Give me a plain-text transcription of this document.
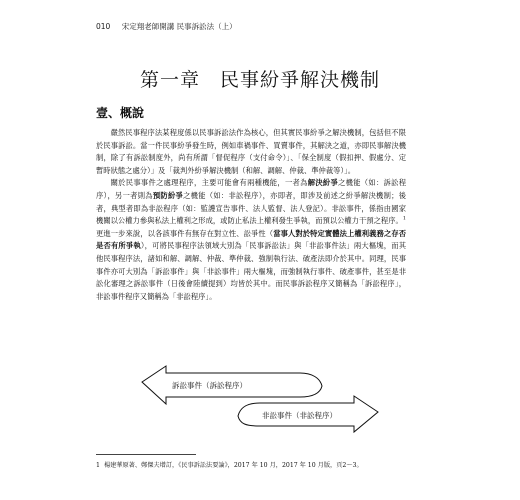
010 宋定翔老師開講 民事訴訟法（上）
第一章　民事紛爭解決機制
壹、概說

嚴然民事程序法某程度係以民事訴訟法作為核心，但其實民事紛爭之解決機制，包括但不限於民事訴訟。當一件民事紛爭發生時，例如車禍事件、買賣事件，其解決之道，亦即民事解決機制，除了有訴訟制度外，尚有所謂「督促程序（支付命令）」、「保全制度（假扣押、假處分、定暫時狀態之處分）」及「裁判外紛爭解決機制（和解、調解、仲裁、準仲裁等）」。

關於民事事件之處理程序，主要可能會有兩種機能，一者為解決紛爭之機能（如：訴訟程序），另一者則為預防紛爭之機能（如：非訟程序），亦即者，即涉及前述之紛爭解決機制；後者，典型者即為非訟程序（如：監護宣告事件、法人監督、法人登記）。非訟事件，係指由國家機關以公權力參與私法上權利之形成，或防止私法上權利發生爭執，而預以公權力干預之程序。$^1$更進一步來說，以各該事件有無存在對立性、訟爭性（當事人對於特定實體法上權利義務之存否是否有所爭執），可將民事程序法領域大別為「民事訴訟法」與「非訟事件法」兩大樞塊，而其他民事程序法，諸如和解、調解、仲裁、準仲裁、強制執行法、破產法即介於其中。同理，民事事件亦可大別為「訴訟事件」與「非訟事件」兩大樞塊，而強制執行事件、破產事件，甚至是非訟化審理之訴訟事件（日後會陸續提到）均皆於其中。而民事訴訟程序又簡稱為「訴訟程序」，非訟事件程序又簡稱為「非訟程序」。

訴訟事件（訴訟程序）
非訟事件（非訟程序）
1 楊建華原著、鄭傑夫增訂，《民事訴訟法要論》，2017 年 10 月，2017 年 10 月版，頁2～3。
